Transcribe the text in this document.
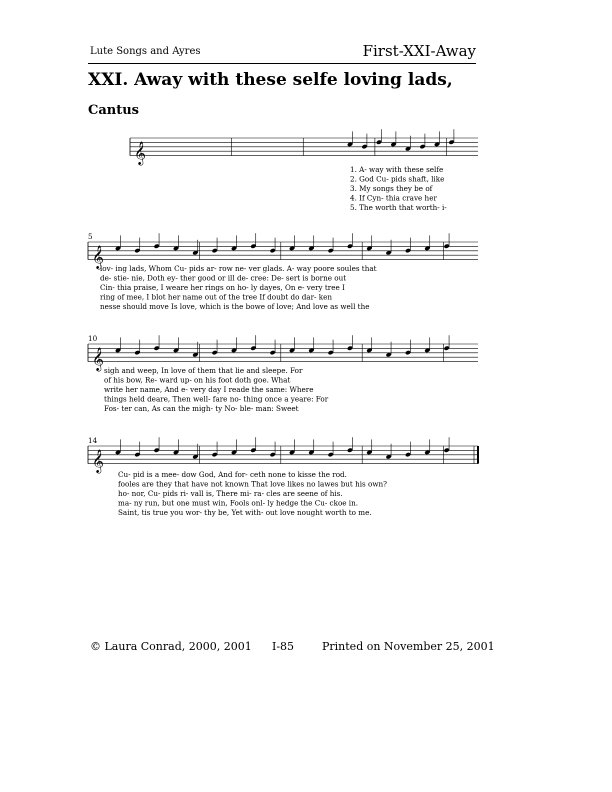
Lute Songs and Ayres	First-XXI-Away
XXI. Away with these selfe loving lads,
Cantus
𝄞
𝄞
𝄞
𝄞
1. A- way with these selfe
2. God Cu- pids shaft, like
3. My songs they be of
4. If Cyn- thia crave her
5. The worth that worth- i-
5
lov- ing lads, Whom Cu- pids ar- row ne- ver glads. A- way poore soules that
de- stie- nie, Doth ey- ther good or ill de- cree: De- sert is borne out
Cin- thia praise, I weare her rings on ho- ly dayes, On e- very tree I
ring of mee, I blot her name out of the tree If doubt do dar- ken
nesse should move Is love, which is the bowe of love; And love as well the
10
sigh and weep, In love of them that lie and sleepe. For
of his bow, Re- ward up- on his foot doth goe. What
write her name, And e- very day I reade the same: Where
things held deare, Then well- fare no- thing once a yeare: For
Fos- ter can, As can the migh- ty No- ble- man: Sweet
14
Cu- pid is a mee- dow God, And for- ceth none to kisse the rod.
fooles are they that have not known That love likes no lawes but his own?
ho- nor, Cu- pids ri- vall is, There mi- ra- cles are seene of his.
ma- ny run, but one must win, Fools onl- ly hedge the Cu- ckoe in.
Saint, tis true you wor- thy be, Yet with- out love nought worth to me.
© Laura Conrad, 2000, 2001 I-85	Printed on November 25, 2001
